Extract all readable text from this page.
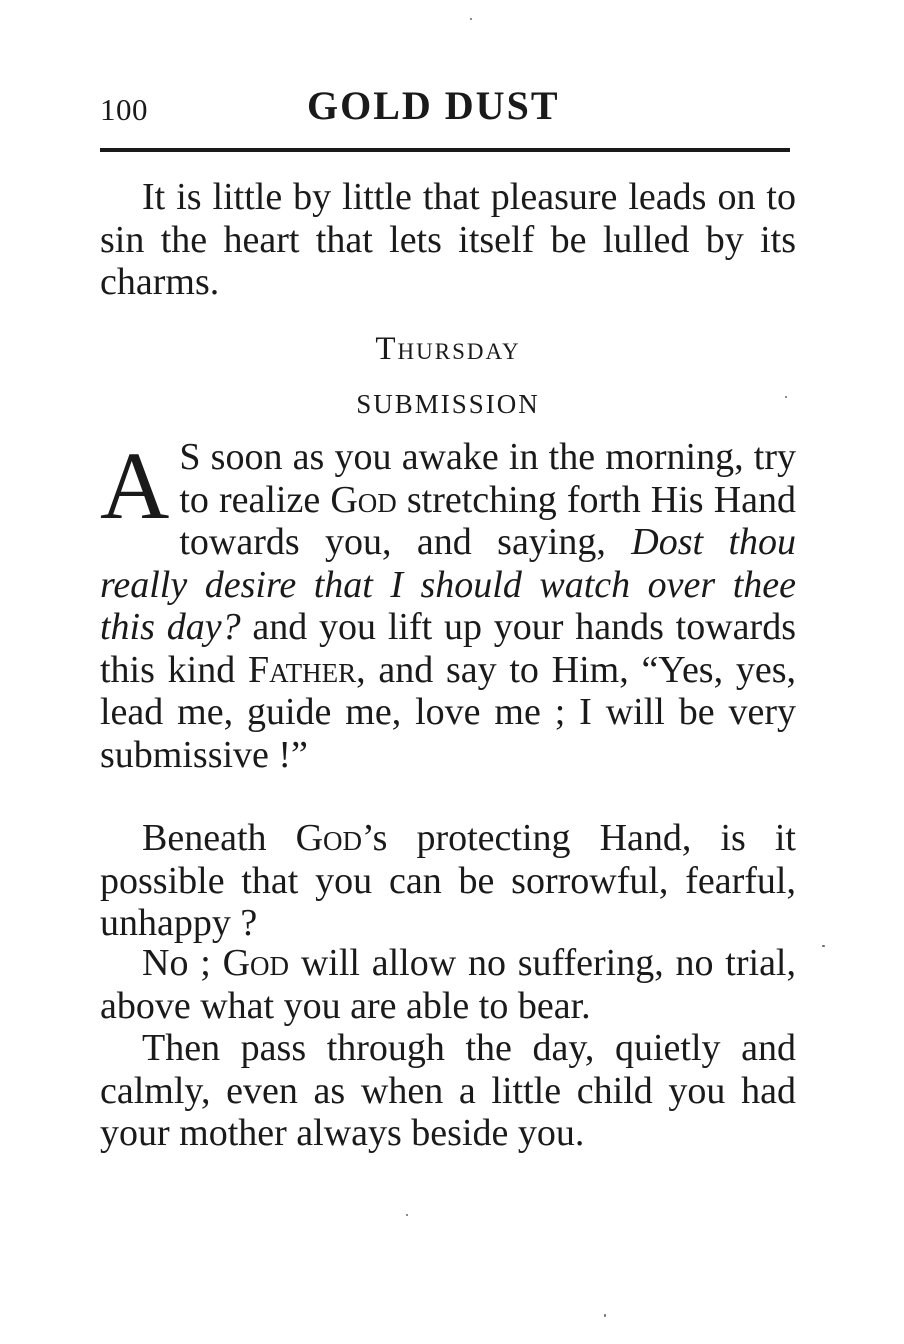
100	GOLD DUST

It is little by little that pleasure leads on to sin the heart that lets itself be lulled by its charms.

Thursday

SUBMISSION

A S soon as you awake in the morning, try to realize God stretching forth His Hand towards you, and saying, Dost thou really desire that I should watch over thee this day? and you lift up your hands towards this kind Father, and say to Him, “Yes, yes, lead me, guide me, love me ; I will be very submissive !”

Beneath God’s protecting Hand, is it possible that you can be sorrowful, fearful, unhappy ?

No ; God will allow no suffering, no trial, above what you are able to bear.

Then pass through the day, quietly and calmly, even as when a little child you had your mother always beside you.
